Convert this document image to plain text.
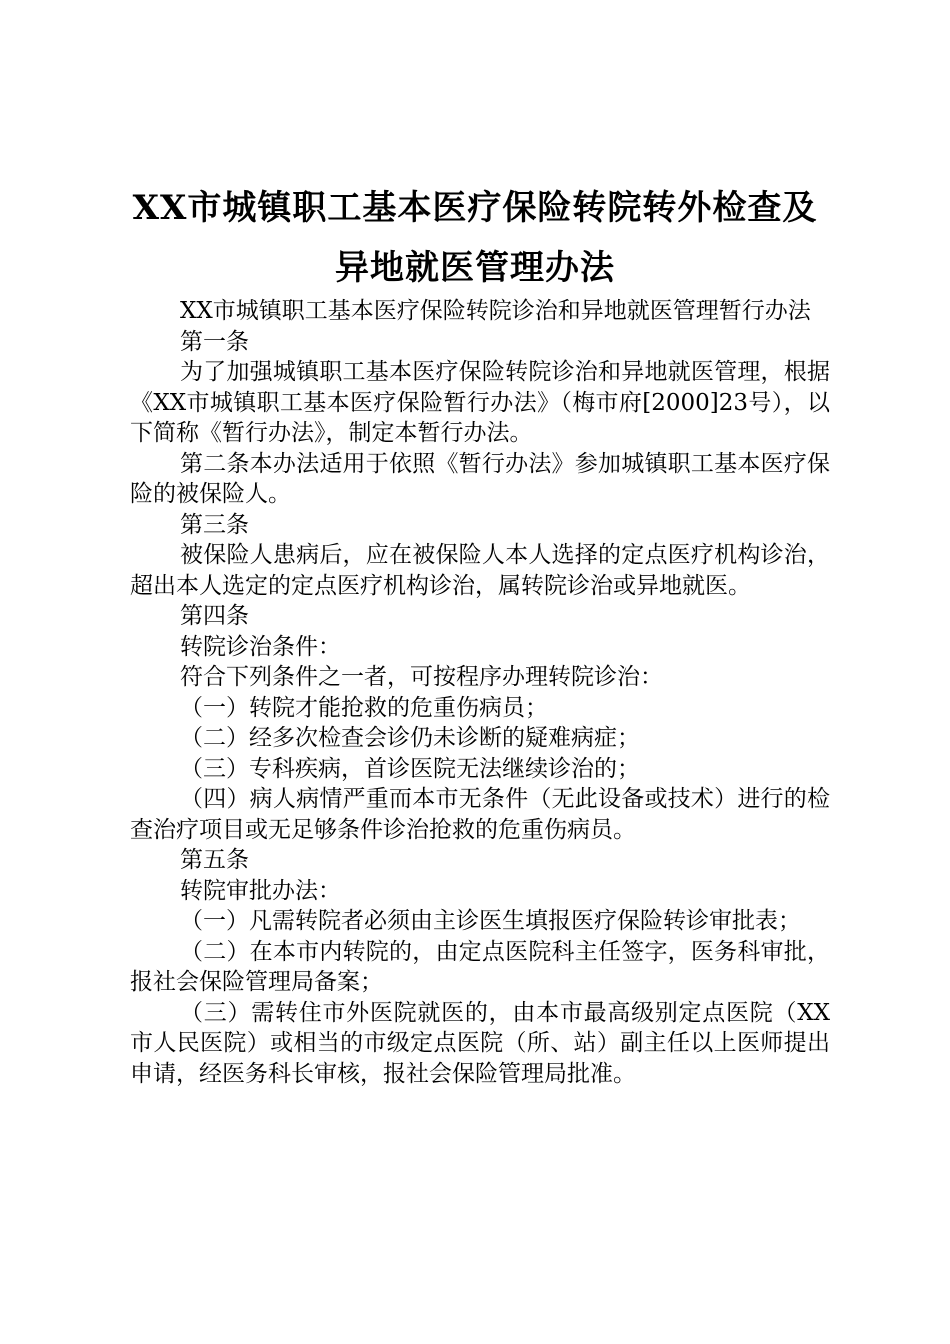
XX市城镇职工基本医疗保险转院转外检查及
异地就医管理办法

XX市城镇职工基本医疗保险转院诊治和异地就医管理暂行办法

第一条

为了加强城镇职工基本医疗保险转院诊治和异地就医管理，根据《XX市城镇职工基本医疗保险暂行办法》（梅市府[2000]23号），以下简称《暂行办法》，制定本暂行办法。

第二条本办法适用于依照《暂行办法》参加城镇职工基本医疗保险的被保险人。

第三条

被保险人患病后，应在被保险人本人选择的定点医疗机构诊治，超出本人选定的定点医疗机构诊治，属转院诊治或异地就医。

第四条

转院诊治条件：

符合下列条件之一者，可按程序办理转院诊治：

（一）转院才能抢救的危重伤病员；

（二）经多次检查会诊仍未诊断的疑难病症；

（三）专科疾病，首诊医院无法继续诊治的；

（四）病人病情严重而本市无条件（无此设备或技术）进行的检查治疗项目或无足够条件诊治抢救的危重伤病员。

第五条

转院审批办法：

（一）凡需转院者必须由主诊医生填报医疗保险转诊审批表；

（二）在本市内转院的，由定点医院科主任签字，医务科审批，报社会保险管理局备案；

（三）需转住市外医院就医的，由本市最高级别定点医院（XX市人民医院）或相当的市级定点医院（所、站）副主任以上医师提出申请，经医务科长审核，报社会保险管理局批准。
